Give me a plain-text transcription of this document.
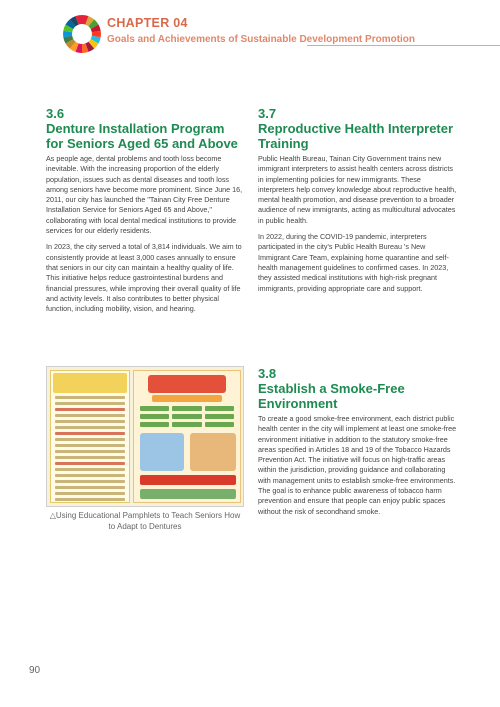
CHAPTER 04
Goals and Achievements of Sustainable Development Promotion
3.6
Denture Installation Program for Seniors Aged 65 and Above

As people age, dental problems and tooth loss become inevitable. With the increasing proportion of the elderly population, issues such as dental diseases and tooth loss among seniors have become more prominent. Since June 16, 2011, our city has launched the "Tainan City Free Denture Installation Service for Seniors Aged 65 and Above," collaborating with local dental medical institutions to provide services for our elderly residents.

In 2023, the city served a total of 3,814 individuals. We aim to consistently provide at least 3,000 cases annually to ensure that seniors in our city can maintain a healthy quality of life. This initiative helps reduce gastrointestinal burdens and financial pressures, while improving their overall quality of life and activity levels. It also contributes to better physical function, including mobility, vision, and hearing.

3.7
Reproductive Health Interpreter Training

Public Health Bureau, Tainan City Government trains new immigrant interpreters to assist health centers across districts in implementing policies for new immigrants. These interpreters help convey knowledge about reproductive health, mental health promotion, and disease prevention to a broader audience of new immigrants, acting as multicultural advocates in public health.

In 2022, during the COVID-19 pandemic, interpreters participated in the city's Public Health Bureau 's New Immigrant Care Team, explaining home quarantine and self-health management guidelines to confirmed cases. In 2023, they assisted medical institutions with high-risk pregnant immigrants, providing appropriate care and support.

△Using Educational Pamphlets to Teach Seniors How to Adapt to Dentures
3.8
Establish a Smoke-Free Environment

To create a good smoke-free environment, each district public health center in the city will implement at least one smoke-free environment initiative in addition to the statutory smoke-free areas specified in Articles 18 and 19 of the Tobacco Hazards Prevention Act. The initiative will focus on high-traffic areas within the jurisdiction, providing guidance and collaborating with management units to establish smoke-free environments. The goal is to enhance public awareness of tobacco harm prevention and ensure that people can enjoy public spaces without the risk of secondhand smoke.

90
